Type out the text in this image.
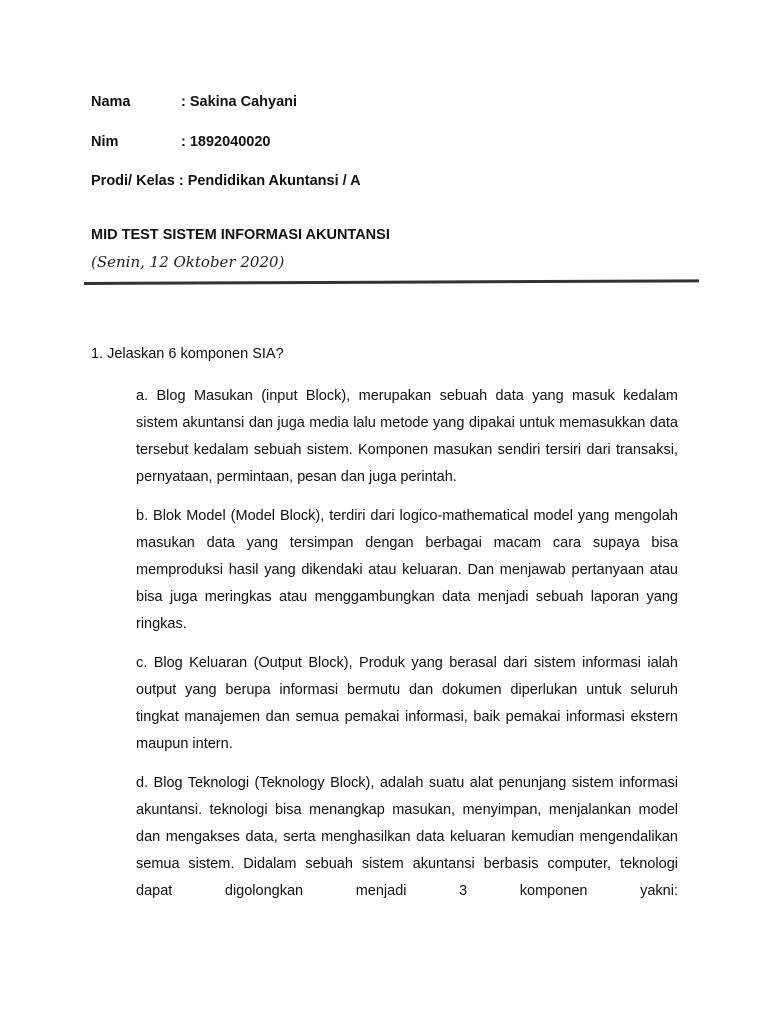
Nama	: Sakina Cahyani
Nim	: 1892040020
Prodi/ Kelas : Pendidikan Akuntansi / A
MID TEST SISTEM INFORMASI AKUNTANSI
(Senin, 12 Oktober 2020)
1. Jelaskan 6 komponen SIA?

a. Blog Masukan (input Block), merupakan sebuah data yang masuk kedalam sistem akuntansi dan juga media lalu metode yang dipakai untuk memasukkan data tersebut kedalam sebuah sistem. Komponen masukan sendiri tersiri dari transaksi, pernyataan, permintaan, pesan dan juga perintah.

b. Blok Model (Model Block), terdiri dari logico-mathematical model yang mengolah masukan data yang tersimpan dengan berbagai macam cara supaya bisa memproduksi hasil yang dikendaki atau keluaran. Dan menjawab pertanyaan atau bisa juga meringkas atau menggambungkan data menjadi sebuah laporan yang ringkas.

c. Blog Keluaran (Output Block), Produk yang berasal dari sistem informasi ialah output yang berupa informasi bermutu dan dokumen diperlukan untuk seluruh tingkat manajemen dan semua pemakai informasi, baik pemakai informasi ekstern maupun intern.

d. Blog Teknologi (Teknology Block), adalah suatu alat penunjang sistem informasi akuntansi. teknologi bisa menangkap masukan, menyimpan, menjalankan model dan mengakses data, serta menghasilkan data keluaran kemudian mengendalikan semua sistem. Didalam sebuah sistem akuntansi berbasis computer, teknologi dapat digolongkan menjadi 3 komponen yakni:
